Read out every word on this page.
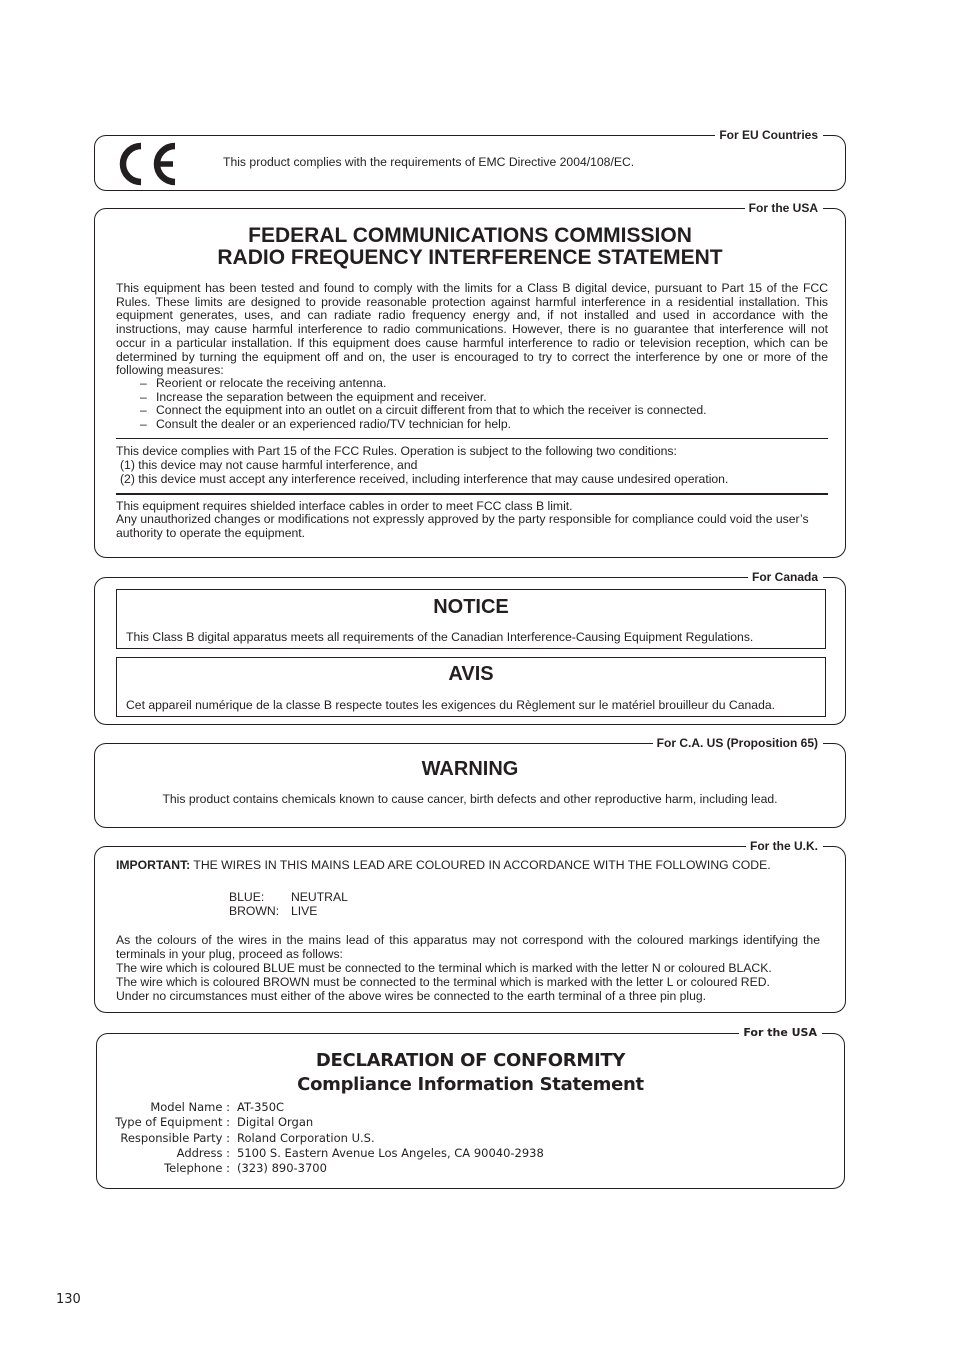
For EU Countries
This product complies with the requirements of EMC Directive 2004/108/EC.
For the USA
FEDERAL COMMUNICATIONS COMMISSION
RADIO FREQUENCY INTERFERENCE STATEMENT
This equipment has been tested and found to comply with the limits for a Class B digital device, pursuant to Part 15 of the FCC Rules. These limits are designed to provide reasonable protection against harmful interference in a residential installation. This equipment generates, uses, and can radiate radio frequency energy and, if not installed and used in accordance with the instructions, may cause harmful interference to radio communications. However, there is no guarantee that interference will not occur in a particular installation. If this equipment does cause harmful interference to radio or television reception, which can be determined by turning the equipment off and on, the user is encouraged to try to correct the interference by one or more of the following measures:
– Reorient or relocate the receiving antenna.
– Increase the separation between the equipment and receiver.
– Connect the equipment into an outlet on a circuit different from that to which the receiver is connected.
– Consult the dealer or an experienced radio/TV technician for help.
This device complies with Part 15 of the FCC Rules. Operation is subject to the following two conditions:
(1) this device may not cause harmful interference, and
(2) this device must accept any interference received, including interference that may cause undesired operation.
This equipment requires shielded interface cables in order to meet FCC class B limit.
Any unauthorized changes or modifications not expressly approved by the party responsible for compliance could void the user’s authority to operate the equipment.
For Canada
NOTICE
This Class B digital apparatus meets all requirements of the Canadian Interference-Causing Equipment Regulations.
AVIS
Cet appareil numérique de la classe B respecte toutes les exigences du Règlement sur le matériel brouilleur du Canada.
For C.A. US (Proposition 65)
WARNING
This product contains chemicals known to cause cancer, birth defects and other reproductive harm, including lead.
For the U.K.
IMPORTANT: THE WIRES IN THIS MAINS LEAD ARE COLOURED IN ACCORDANCE WITH THE FOLLOWING CODE.
BLUE: NEUTRAL
BROWN: LIVE
As the colours of the wires in the mains lead of this apparatus may not correspond with the coloured markings identifying the terminals in your plug, proceed as follows:
The wire which is coloured BLUE must be connected to the terminal which is marked with the letter N or coloured BLACK.
The wire which is coloured BROWN must be connected to the terminal which is marked with the letter L or coloured RED.
Under no circumstances must either of the above wires be connected to the earth terminal of a three pin plug.
For the USA
DECLARATION OF CONFORMITY
Compliance Information Statement
Model Name : AT-350C
Type of Equipment : Digital Organ
Responsible Party : Roland Corporation U.S.
Address : 5100 S. Eastern Avenue Los Angeles, CA 90040-2938
Telephone : (323) 890-3700
130
